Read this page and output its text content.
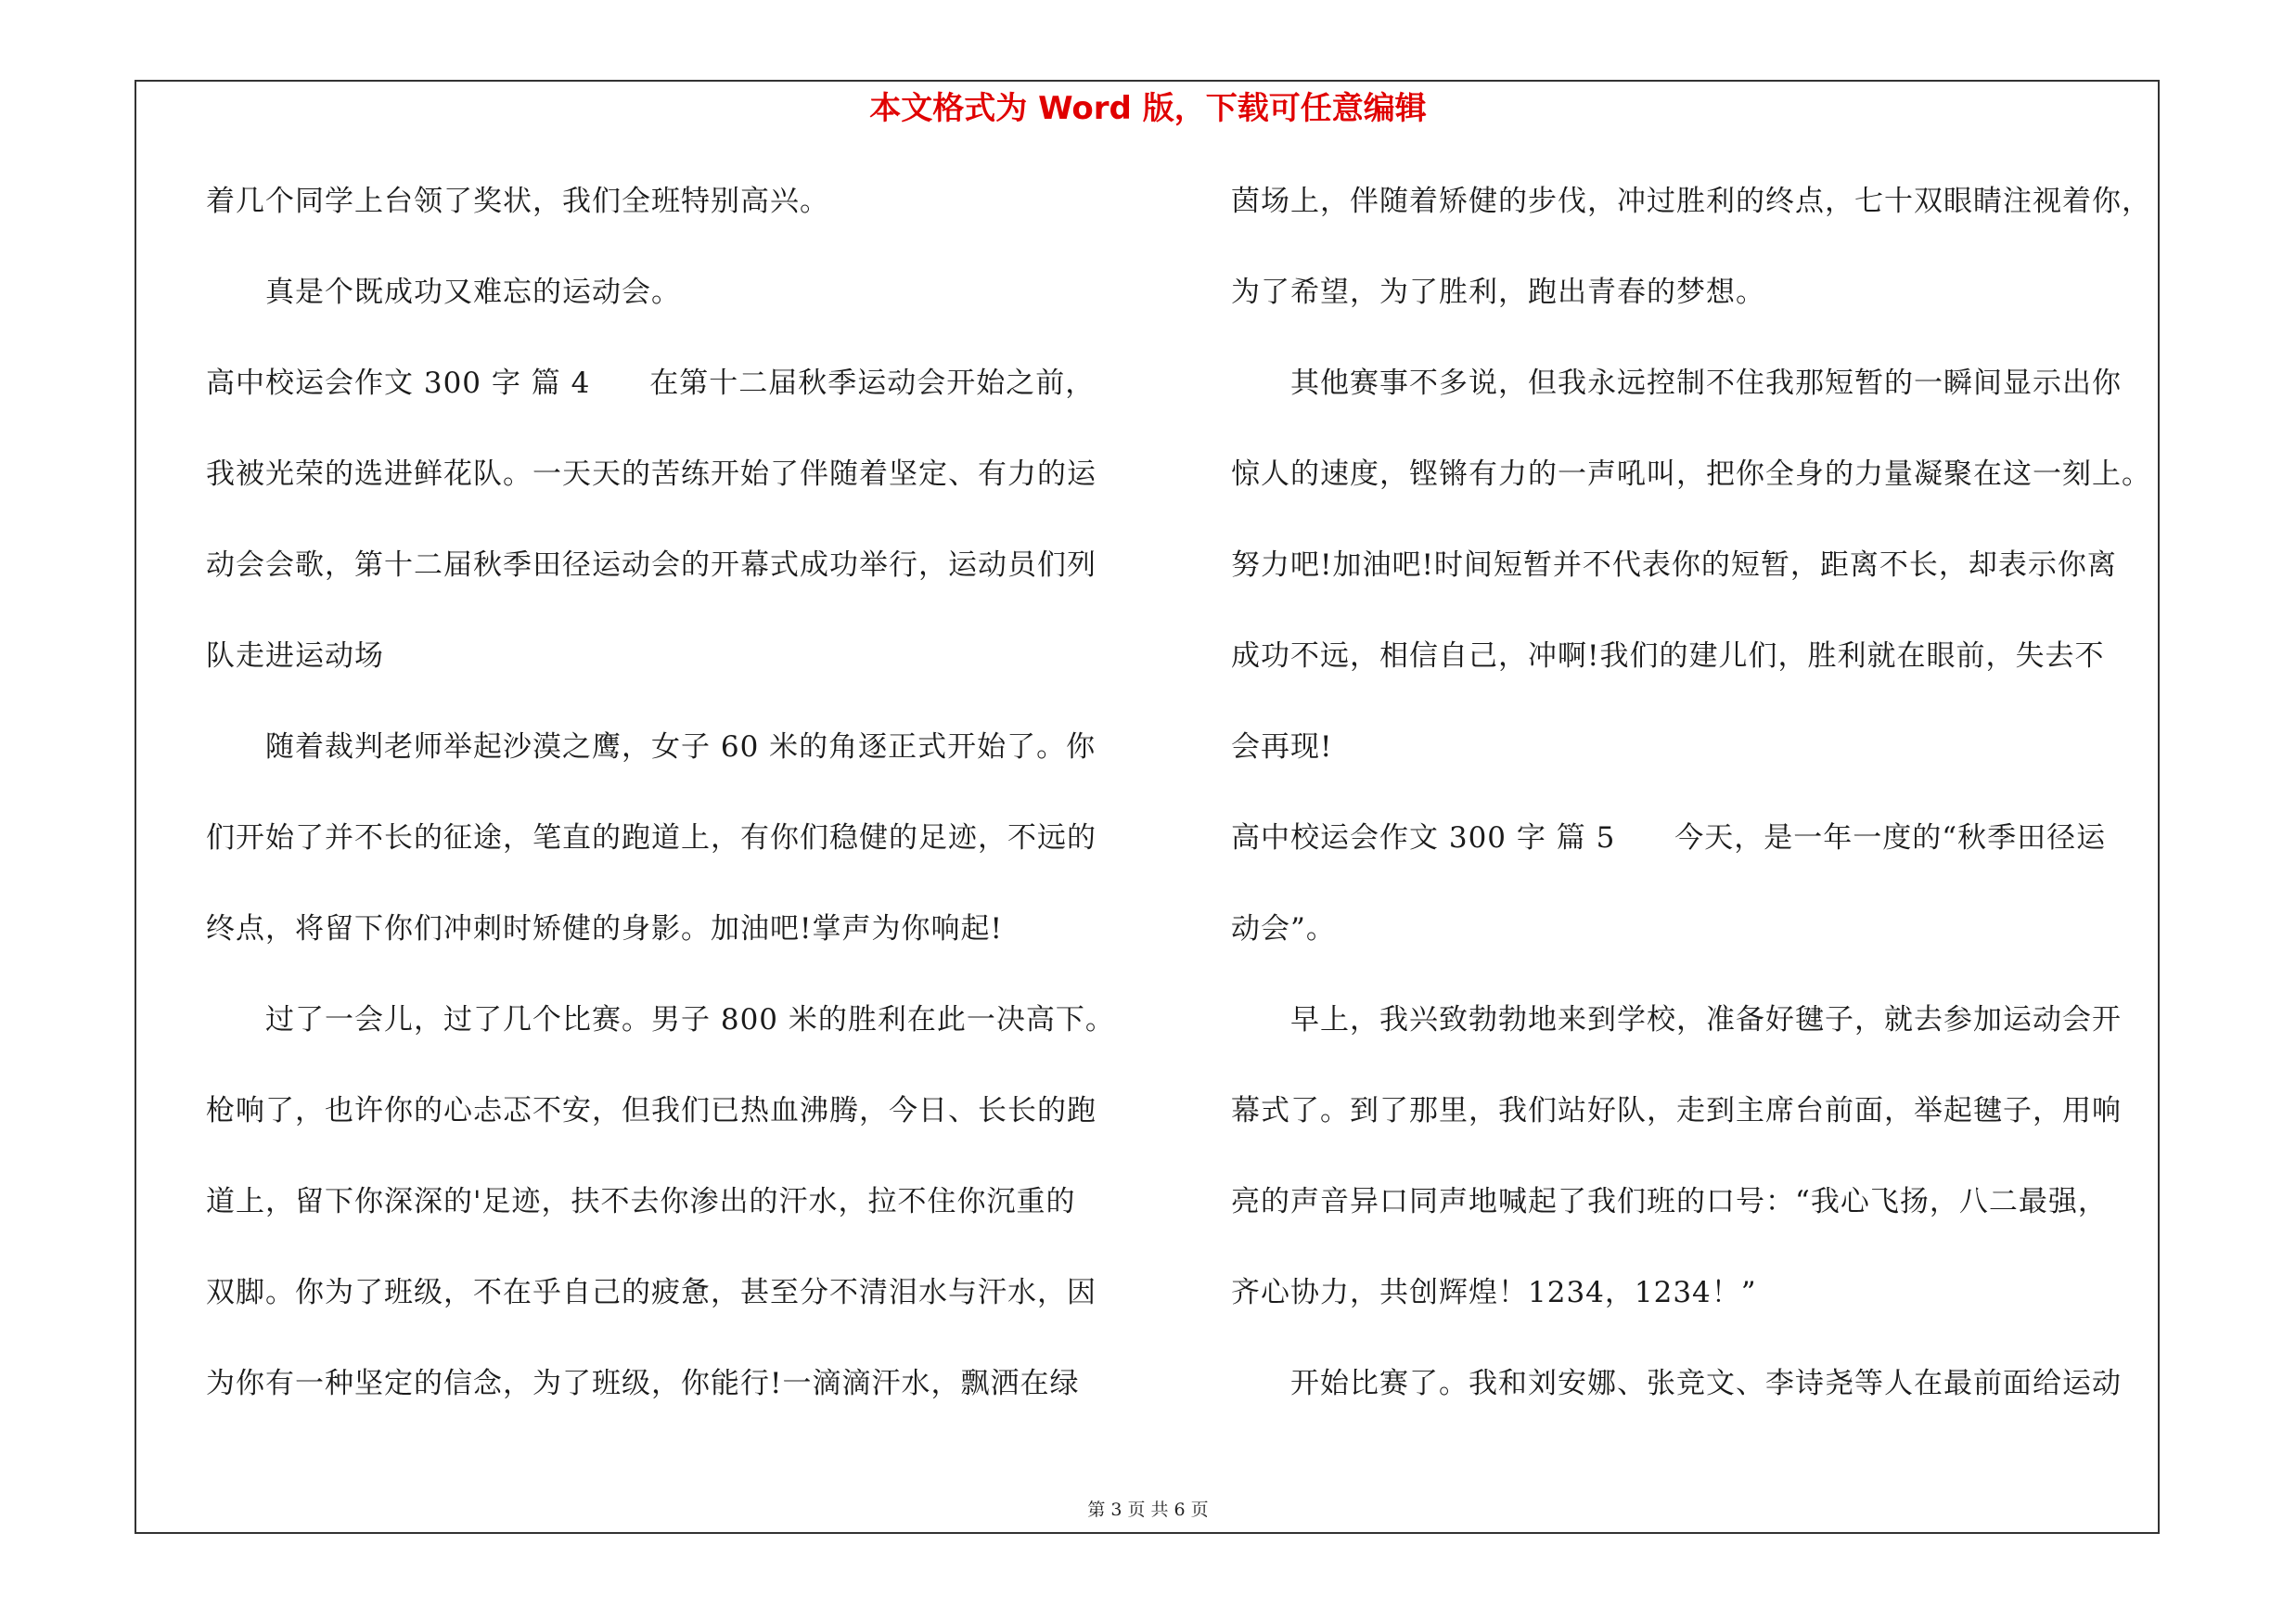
本文格式为 Word 版，下载可任意编辑
着几个同学上台领了奖状，我们全班特别高兴。
　　真是个既成功又难忘的运动会。
高中校运会作文 300 字 篇 4　　在第十二届秋季运动会开始之前，
我被光荣的选进鲜花队。一天天的苦练开始了伴随着坚定、有力的运
动会会歌，第十二届秋季田径运动会的开幕式成功举行，运动员们列
队走进运动场
　　随着裁判老师举起沙漠之鹰，女子 60 米的角逐正式开始了。你
们开始了并不长的征途，笔直的跑道上，有你们稳健的足迹，不远的
终点，将留下你们冲刺时矫健的身影。加油吧!掌声为你响起!
　　过了一会儿，过了几个比赛。男子 800 米的胜利在此一决高下。
枪响了，也许你的心忐忑不安，但我们已热血沸腾，今日、长长的跑
道上，留下你深深的'足迹，扶不去你渗出的汗水，拉不住你沉重的
双脚。你为了班级，不在乎自己的疲惫，甚至分不清泪水与汗水，因
为你有一种坚定的信念，为了班级，你能行!一滴滴汗水，飘洒在绿
茵场上，伴随着矫健的步伐，冲过胜利的终点，七十双眼睛注视着你，
为了希望，为了胜利，跑出青春的梦想。
　　其他赛事不多说，但我永远控制不住我那短暂的一瞬间显示出你
惊人的速度，铿锵有力的一声吼叫，把你全身的力量凝聚在这一刻上。
努力吧!加油吧!时间短暂并不代表你的短暂，距离不长，却表示你离
成功不远，相信自己，冲啊!我们的建儿们，胜利就在眼前，失去不
会再现!
高中校运会作文 300 字 篇 5　　今天，是一年一度的“秋季田径运
动会”。
　　早上，我兴致勃勃地来到学校，准备好毽子，就去参加运动会开
幕式了。到了那里，我们站好队，走到主席台前面，举起毽子，用响
亮的声音异口同声地喊起了我们班的口号：“我心飞扬，八二最强，
齐心协力，共创辉煌！1234，1234！”
　　开始比赛了。我和刘安娜、张竞文、李诗尧等人在最前面给运动
第 3 页 共 6 页
